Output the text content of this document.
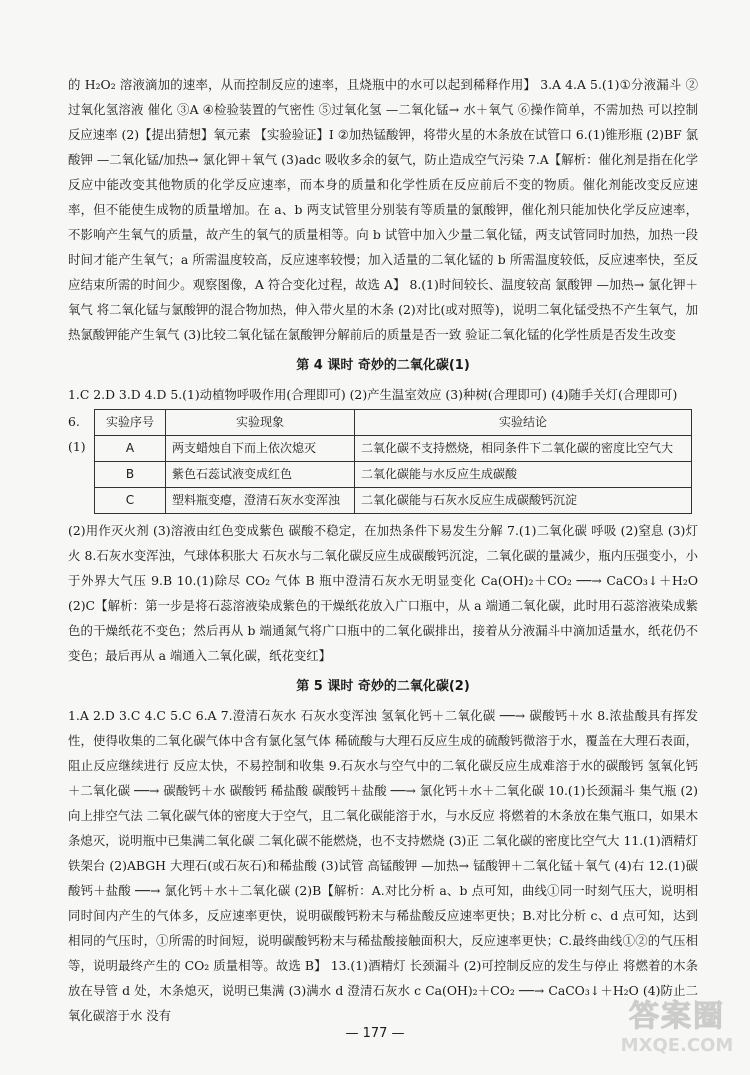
的 H₂O₂ 溶液滴加的速率，从而控制反应的速率，且烧瓶中的水可以起到稀释作用】 3.A 4.A 5.(1)①分液漏斗 ②过氧化氢溶液 催化 ③A ④检验装置的气密性 ⑤过氧化氢 —二氧化锰→ 水＋氧气 ⑥操作简单，不需加热 可以控制反应速率 (2)【提出猜想】氧元素 【实验验证】Ⅰ ②加热锰酸钾，将带火星的木条放在试管口 6.(1)锥形瓶 (2)BF 氯酸钾 —二氧化锰/加热→ 氯化钾＋氧气 (3)adc 吸收多余的氨气，防止造成空气污染 7.A【解析：催化剂是指在化学反应中能改变其他物质的化学反应速率，而本身的质量和化学性质在反应前后不变的物质。催化剂能改变反应速率，但不能使生成物的质量增加。在 a、b 两支试管里分别装有等质量的氯酸钾，催化剂只能加快化学反应速率，不影响产生氧气的质量，故产生的氧气的质量相等。向 b 试管中加入少量二氧化锰，两支试管同时加热，加热一段时间才能产生氧气；a 所需温度较高，反应速率较慢；加入适量的二氧化锰的 b 所需温度较低，反应速率快，至反应结束所需的时间少。观察图像，A 符合变化过程，故选 A】 8.(1)时间较长、温度较高 氯酸钾 —加热→ 氯化钾＋氧气 将二氧化锰与氯酸钾的混合物加热，伸入带火星的木条 (2)对比(或对照等)，说明二氧化锰受热不产生氧气，加热氯酸钾能产生氧气 (3)比较二氧化锰在氯酸钾分解前后的质量是否一致 验证二氧化锰的化学性质是否发生改变

第 4 课时 奇妙的二氧化碳(1)

1.C 2.D 3.D 4.D 5.(1)动植物呼吸作用(合理即可) (2)产生温室效应 (3)种树(合理即可) (4)随手关灯(合理即可)

6.(1)
实验序号	实验现象	实验结论
A	两支蜡烛自下而上依次熄灭	二氧化碳不支持燃烧，相同条件下二氧化碳的密度比空气大
B	紫色石蕊试液变成红色	二氧化碳能与水反应生成碳酸
C	塑料瓶变瘪，澄清石灰水变浑浊	二氧化碳能与石灰水反应生成碳酸钙沉淀

(2)用作灭火剂 (3)溶液由红色变成紫色 碳酸不稳定，在加热条件下易发生分解 7.(1)二氧化碳 呼吸 (2)窒息 (3)灯火 8.石灰水变浑浊，气球体积胀大 石灰水与二氧化碳反应生成碳酸钙沉淀，二氧化碳的量减少，瓶内压强变小，小于外界大气压 9.B 10.(1)除尽 CO₂ 气体 B 瓶中澄清石灰水无明显变化 Ca(OH)₂＋CO₂ ──→ CaCO₃↓＋H₂O (2)C【解析：第一步是将石蕊溶液染成紫色的干燥纸花放入广口瓶中，从 a 端通二氧化碳，此时用石蕊溶液染成紫色的干燥纸花不变色；然后再从 b 端通氮气将广口瓶中的二氧化碳排出，接着从分液漏斗中滴加适量水，纸花仍不变色；最后再从 a 端通入二氧化碳，纸花变红】

第 5 课时 奇妙的二氧化碳(2)

1.A 2.D 3.C 4.C 5.C 6.A 7.澄清石灰水 石灰水变浑浊 氢氧化钙＋二氧化碳 ──→ 碳酸钙＋水 8.浓盐酸具有挥发性，使得收集的二氧化碳气体中含有氯化氢气体 稀硫酸与大理石反应生成的硫酸钙微溶于水，覆盖在大理石表面，阻止反应继续进行 反应太快，不易控制和收集 9.石灰水与空气中的二氧化碳反应生成难溶于水的碳酸钙 氢氧化钙＋二氧化碳 ──→ 碳酸钙＋水 碳酸钙 稀盐酸 碳酸钙＋盐酸 ──→ 氯化钙＋水＋二氧化碳 10.(1)长颈漏斗 集气瓶 (2)向上排空气法 二氧化碳气体的密度大于空气，且二氧化碳能溶于水，与水反应 将燃着的木条放在集气瓶口，如果木条熄灭，说明瓶中已集满二氧化碳 二氧化碳不能燃烧，也不支持燃烧 (3)正 二氧化碳的密度比空气大 11.(1)酒精灯 铁架台 (2)ABGH 大理石(或石灰石)和稀盐酸 (3)试管 高锰酸钾 —加热→ 锰酸钾＋二氧化锰＋氧气 (4)右 12.(1)碳酸钙＋盐酸 ──→ 氯化钙＋水＋二氧化碳 (2)B【解析：A.对比分析 a、b 点可知，曲线①同一时刻气压大，说明相同时间内产生的气体多，反应速率更快，说明碳酸钙粉末与稀盐酸反应速率更快；B.对比分析 c、d 点可知，达到相同的气压时，①所需的时间短，说明碳酸钙粉末与稀盐酸接触面积大，反应速率更快；C.最终曲线①②的气压相等，说明最终产生的 CO₂ 质量相等。故选 B】 13.(1)酒精灯 长颈漏斗 (2)可控制反应的发生与停止 将燃着的木条放在导管 d 处，木条熄灭，说明已集满 (3)满水 d 澄清石灰水 c Ca(OH)₂＋CO₂ ──→ CaCO₃↓＋H₂O (4)防止二氧化碳溶于水 没有

— 177 —	答案圈
MXQE.COM
